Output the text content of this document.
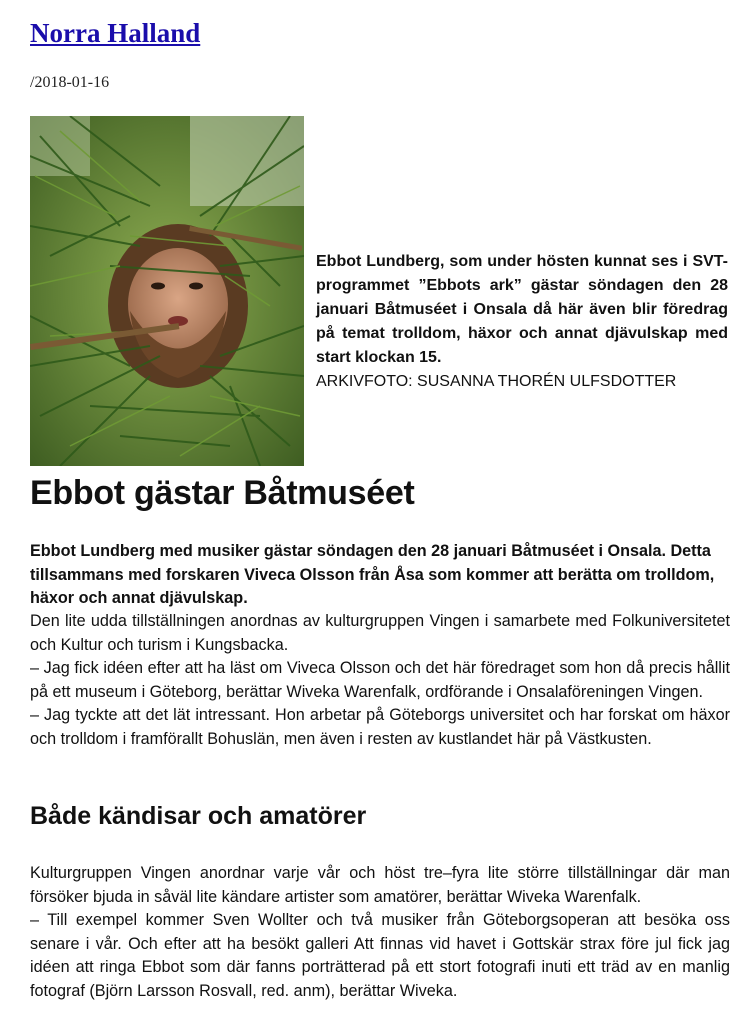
Norra Halland
/2018-01-16
Ebbot Lundberg, som under hösten kunnat ses i SVT-programmet ”Ebbots ark” gästar söndagen den 28 januari Båtmuséet i Onsala då här även blir föredrag på temat trolldom, häxor och annat djävulskap med start klockan 15.
ARKIVFOTO: SUSANNA THORÉN ULFSDOTTER
Ebbot gästar Båtmuséet
Ebbot Lundberg med musiker gästar söndagen den 28 januari Båtmuséet i Onsala. Detta tillsammans med forskaren Viveca Olsson från Åsa som kommer att berätta om trolldom, häxor och annat djävulskap.

Den lite udda tillställningen anordnas av kulturgruppen Vingen i samarbete med Folkuniversitetet och Kultur och turism i Kungsbacka.

– Jag fick idéen efter att ha läst om Viveca Olsson och det här föredraget som hon då precis hållit på ett museum i Göteborg, berättar Wiveka Warenfalk, ordförande i Onsalaföreningen Vingen.

– Jag tyckte att det lät intressant. Hon arbetar på Göteborgs universitet och har forskat om häxor och trolldom i framförallt Bohuslän, men även i resten av kustlandet här på Västkusten.

Både kändisar och amatörer

Kulturgruppen Vingen anordnar varje vår och höst tre–fyra lite större tillställningar där man försöker bjuda in såväl lite kändare artister som amatörer, berättar Wiveka Warenfalk.

– Till exempel kommer Sven Wollter och två musiker från Göteborgsoperan att besöka oss senare i vår. Och efter att ha besökt galleri Att finnas vid havet i Gottskär strax före jul fick jag idéen att ringa Ebbot som där fanns porträtterad på ett stort fotografi inuti ett träd av en manlig fotograf (Björn Larsson Rosvall, red. anm), berättar Wiveka.
